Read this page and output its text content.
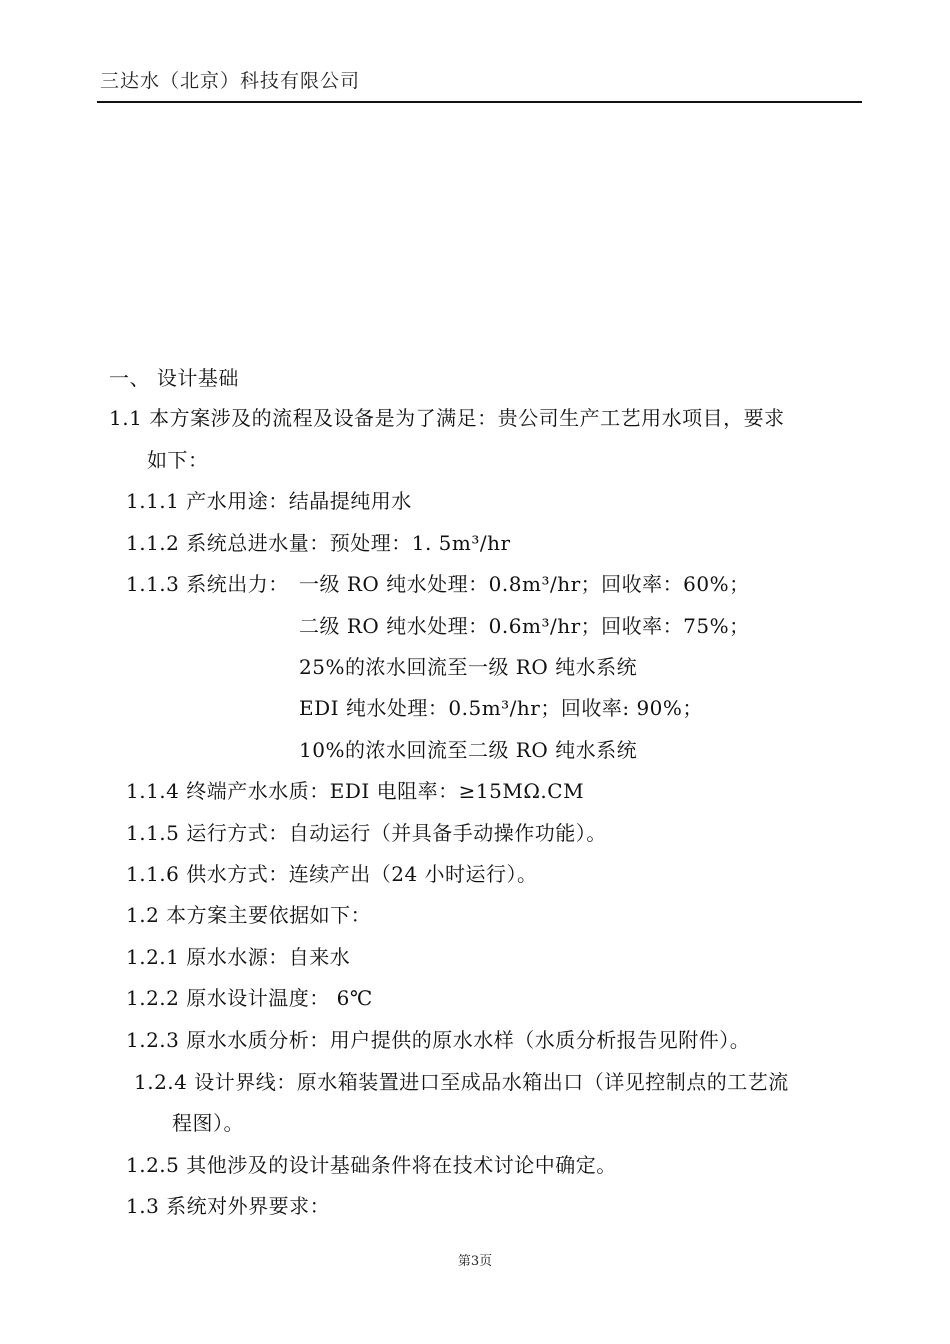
三达水（北京）科技有限公司
一、 设计基础
1.1 本方案涉及的流程及设备是为了满足：贵公司生产工艺用水项目，要求
如下：
1.1.1 产水用途：结晶提纯用水
1.1.2 系统总进水量：预处理：1. 5m³/hr
1.1.3 系统出力： 一级 RO 纯水处理：0.8m³/hr；回收率：60%；
二级 RO 纯水处理：0.6m³/hr；回收率：75%；
25%的浓水回流至一级 RO 纯水系统
EDI 纯水处理：0.5m³/hr；回收率: 90%；
10%的浓水回流至二级 RO 纯水系统
1.1.4 终端产水水质：EDI 电阻率：≥15MΩ.CM
1.1.5 运行方式：自动运行（并具备手动操作功能）。
1.1.6 供水方式：连续产出（24 小时运行）。
1.2 本方案主要依据如下：
1.2.1 原水水源：自来水
1.2.2 原水设计温度： 6℃
1.2.3 原水水质分析：用户提供的原水水样（水质分析报告见附件）。
1.2.4 设计界线：原水箱装置进口至成品水箱出口（详见控制点的工艺流
程图）。
1.2.5 其他涉及的设计基础条件将在技术讨论中确定。
1.3 系统对外界要求：
第3页
